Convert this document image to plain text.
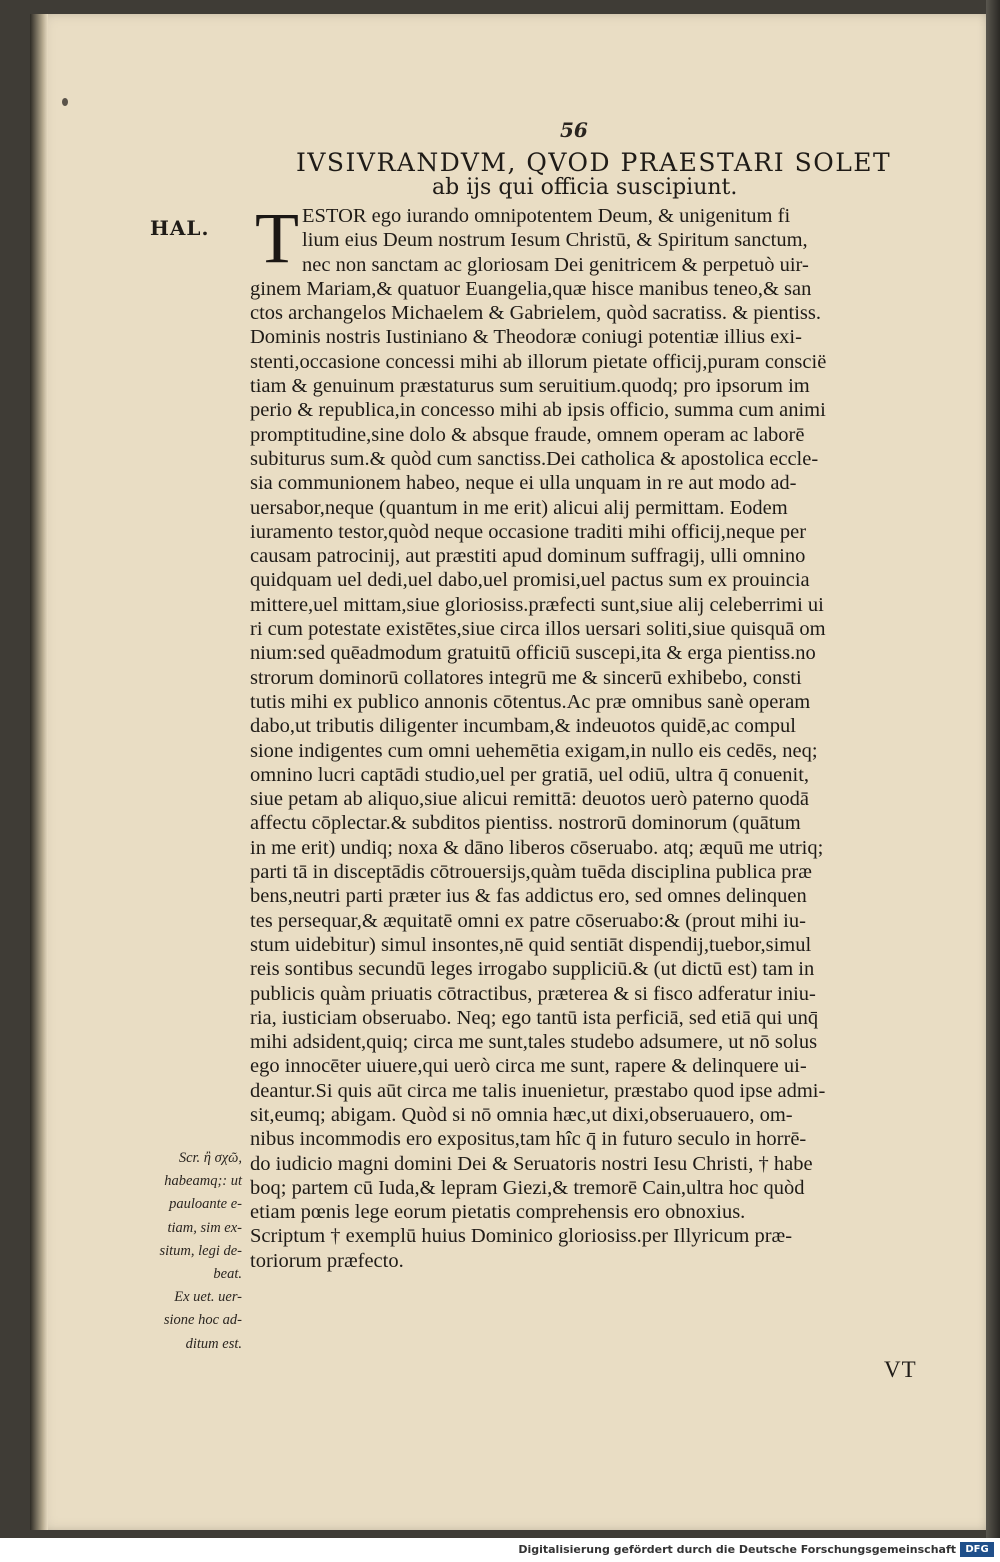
56
IVSIVRANDVM, QVOD PRAESTARI SOLET
ab ijs qui officia suscipiunt.
HAL. T ESTOR ego iurando omnipotentem Deum, & unigenitum fi
lium eius Deum nostrum Iesum Christū, & Spiritum sanctum,
nec non sanctam ac gloriosam Dei genitricem & perpetuò uir-
ginem Mariam,& quatuor Euangelia,quæ hisce manibus teneo,& san
ctos archangelos Michaelem & Gabrielem, quòd sacratiss. & pientiss.
Dominis nostris Iustiniano & Theodoræ coniugi potentiæ illius exi-
stenti,occasione concessi mihi ab illorum pietate officij,puram conscië
tiam & genuinum præstaturus sum seruitium.quodq; pro ipsorum im
perio & republica,in concesso mihi ab ipsis officio, summa cum animi
promptitudine,sine dolo & absque fraude, omnem operam ac laborē
subiturus sum.& quòd cum sanctiss.Dei catholica & apostolica eccle-
sia communionem habeo, neque ei ulla unquam in re aut modo ad-
uersabor,neque (quantum in me erit) alicui alij permittam. Eodem
iuramento testor,quòd neque occasione traditi mihi officij,neque per
causam patrocinij, aut præstiti apud dominum suffragij, ulli omnino
quidquam uel dedi,uel dabo,uel promisi,uel pactus sum ex prouincia
mittere,uel mittam,siue gloriosiss.præfecti sunt,siue alij celeberrimi ui
ri cum potestate existētes,siue circa illos uersari soliti,siue quisquā om
nium:sed quēadmodum gratuitū officiū suscepi,ita & erga pientiss.no
strorum dominorū collatores integrū me & sincerū exhibebo, consti
tutis mihi ex publico annonis cōtentus.Ac præ omnibus sanè operam
dabo,ut tributis diligenter incumbam,& indeuotos quidē,ac compul
sione indigentes cum omni uehemētia exigam,in nullo eis cedēs, neq;
omnino lucri captādi studio,uel per gratiā, uel odiū, ultra q̄ conuenit,
siue petam ab aliquo,siue alicui remittā: deuotos uerò paterno quodā
affectu cōplectar.& subditos pientiss. nostrorū dominorum (quātum
in me erit) undiq; noxa & dāno liberos cōseruabo. atq; æquū me utriq;
parti tā in disceptādis cōtrouersijs,quàm tuēda disciplina publica præ
bens,neutri parti præter ius & fas addictus ero, sed omnes delinquen
tes persequar,& æquitatē omni ex patre cōseruabo:& (prout mihi iu-
stum uidebitur) simul insontes,nē quid sentiāt dispendij,tuebor,simul
reis sontibus secundū leges irrogabo suppliciū.& (ut dictū est) tam in
publicis quàm priuatis cōtractibus, præterea & si fisco adferatur iniu-
ria, iusticiam obseruabo. Neq; ego tantū ista perficiā, sed etiā qui unq̄
mihi adsident,quiq; circa me sunt,tales studebo adsumere, ut nō solus
ego innocēter uiuere,qui uerò circa me sunt, rapere & delinquere ui-
deantur.Si quis aūt circa me talis inuenietur, præstabo quod ipse admi-
sit,eumq; abigam. Quòd si nō omnia hæc,ut dixi,obseruauero, om-
nibus incommodis ero expositus,tam hîc q̄ in futuro seculo in horrē-
do iudicio magni domini Dei & Seruatoris nostri Iesu Christi, † habe
boq; partem cū Iuda,& lepram Giezi,& tremorē Cain,ultra hoc quòd
etiam pœnis lege eorum pietatis comprehensis ero obnoxius.
Scriptum † exemplū huius Dominico gloriosiss.per Illyricum præ-
toriorum præfecto.
Scr. ἢ σχῶ,
habeamq;: ut
pauloante e-
tiam, sim ex-
situm, legi de-
beat.
Ex uet. uer-
sione hoc ad-
ditum est.
VT
Digitalisierung gefördert durch die Deutsche Forschungsgemeinschaft DFG
